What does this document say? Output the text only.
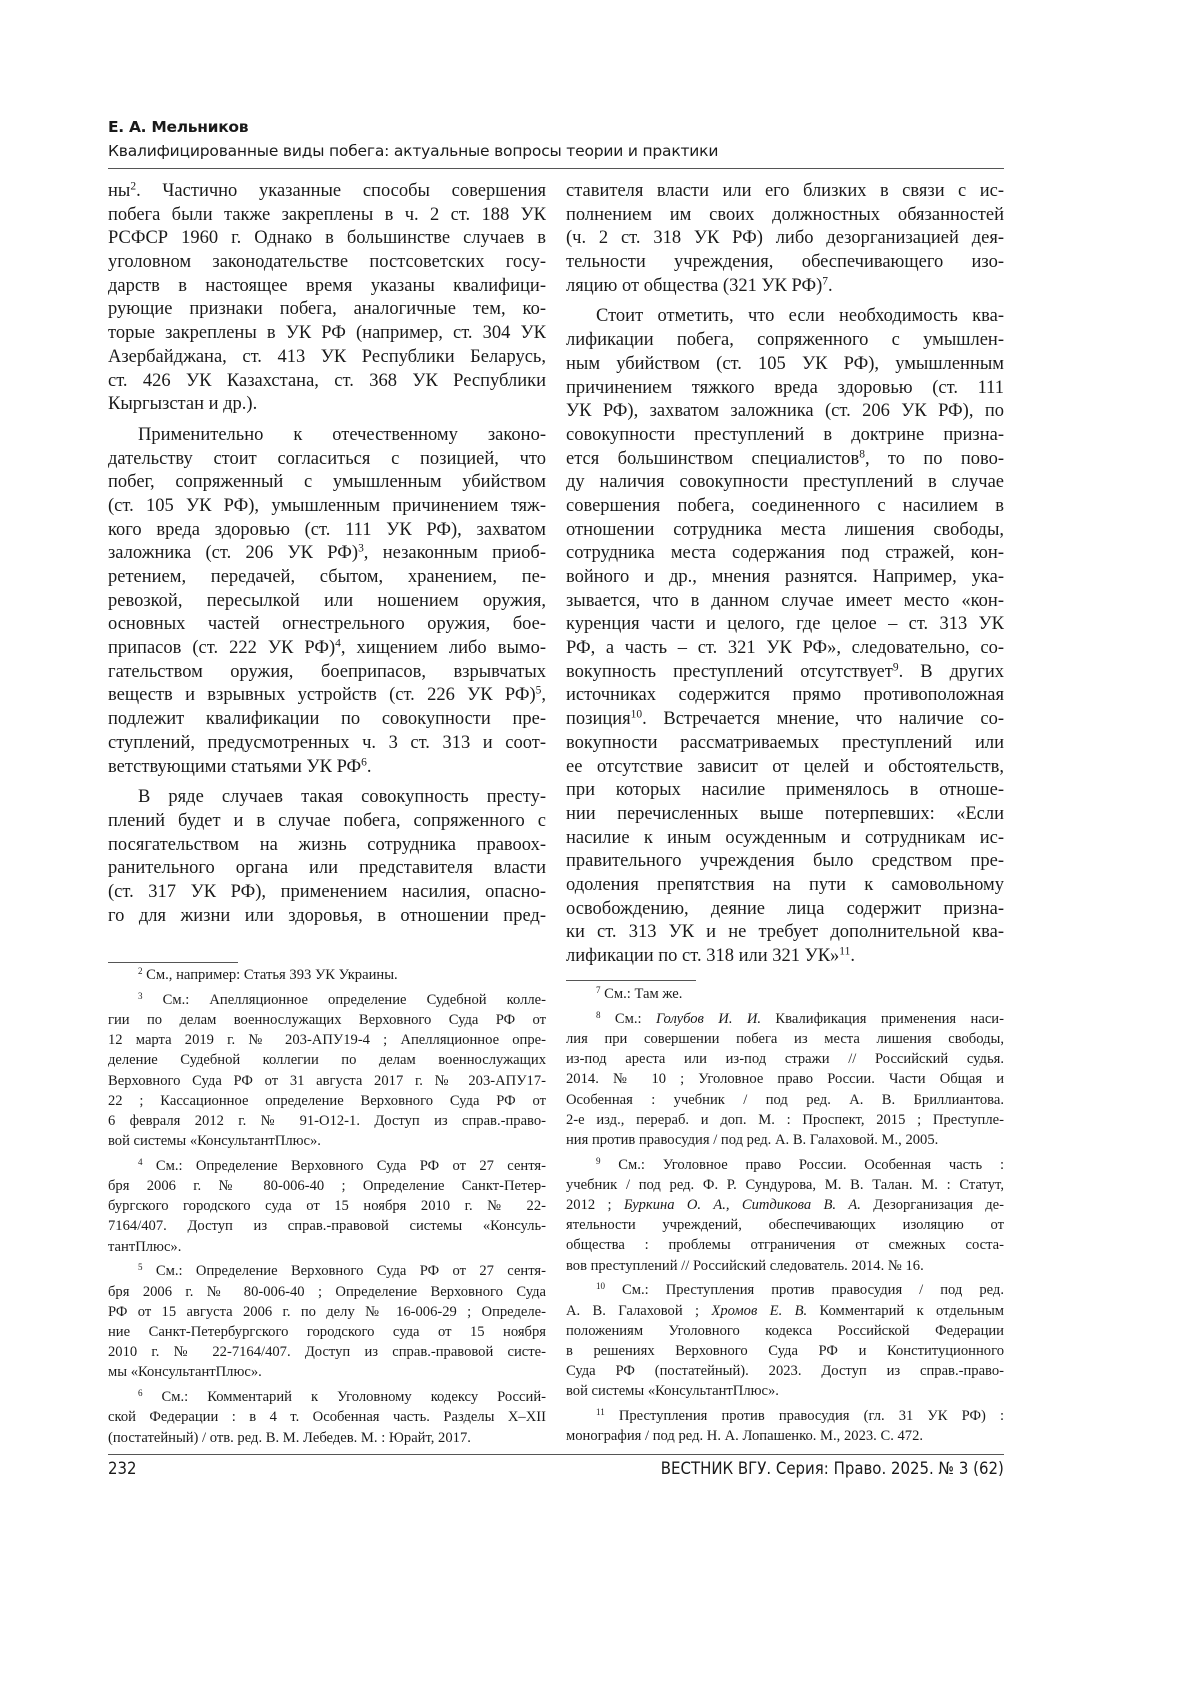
Е. А. Мельников
Квалифицированные виды побега: актуальные вопросы теории и практики
ны2. Частично указанные способы совершения
побега были также закреплены в ч. 2 ст. 188 УК
РСФСР 1960 г. Однако в большинстве случаев в
уголовном законодательстве постсоветских госу-
дарств в настоящее время указаны квалифици-
рующие признаки побега, аналогичные тем, ко-
торые закреплены в УК РФ (например, ст. 304 УК
Азербайджана, ст. 413 УК Республики Беларусь,
ст. 426 УК Казахстана, ст. 368 УК Республики
Кыргызстан и др.).
Применительно к отечественному законо-
дательству стоит согласиться с позицией, что
побег, сопряженный с умышленным убийством
(ст. 105 УК РФ), умышленным причинением тяж-
кого вреда здоровью (ст. 111 УК РФ), захватом
заложника (ст. 206 УК РФ)3, незаконным приоб-
ретением, передачей, сбытом, хранением, пе-
ревозкой, пересылкой или ношением оружия,
основных частей огнестрельного оружия, бое-
припасов (ст. 222 УК РФ)4, хищением либо вымо-
гательством оружия, боеприпасов, взрывчатых
веществ и взрывных устройств (ст. 226 УК РФ)5,
подлежит квалификации по совокупности пре-
ступлений, предусмотренных ч. 3 ст. 313 и соот-
ветствующими статьями УК РФ6.
В ряде случаев такая совокупность престу-
плений будет и в случае побега, сопряженного с
посягательством на жизнь сотрудника правоох-
ранительного органа или представителя власти
(ст. 317 УК РФ), применением насилия, опасно-
го для жизни или здоровья, в отношении пред-
ставителя власти или его близких в связи с ис-
полнением им своих должностных обязанностей
(ч. 2 ст. 318 УК РФ) либо дезорганизацией дея-
тельности учреждения, обеспечивающего изо-
ляцию от общества (321 УК РФ)7.
Стоит отметить, что если необходимость ква-
лификации побега, сопряженного с умышлен-
ным убийством (ст. 105 УК РФ), умышленным
причинением тяжкого вреда здоровью (ст. 111
УК РФ), захватом заложника (ст. 206 УК РФ), по
совокупности преступлений в доктрине призна-
ется большинством специалистов8, то по пово-
ду наличия совокупности преступлений в случае
совершения побега, соединенного с насилием в
отношении сотрудника места лишения свободы,
сотрудника места содержания под стражей, кон-
войного и др., мнения разнятся. Например, ука-
зывается, что в данном случае имеет место «кон-
куренция части и целого, где целое – ст. 313 УК
РФ, а часть – ст. 321 УК РФ», следовательно, со-
вокупность преступлений отсутствует9. В других
источниках содержится прямо противоположная
позиция10. Встречается мнение, что наличие со-
вокупности рассматриваемых преступлений или
ее отсутствие зависит от целей и обстоятельств,
при которых насилие применялось в отноше-
нии перечисленных выше потерпевших: «Если
насилие к иным осужденным и сотрудникам ис-
правительного учреждения было средством пре-
одоления препятствия на пути к самовольному
освобождению, деяние лица содержит призна-
ки ст. 313 УК и не требует дополнительной ква-
лификации по ст. 318 или 321 УК»11.
2 См., например: Статья 393 УК Украины.
3 См.: Апелляционное определение Судебной колле-
гии по делам военнослужащих Верховного Суда РФ от
12 марта 2019 г. № 203-АПУ19-4 ; Апелляционное опре-
деление Судебной коллегии по делам военнослужащих
Верховного Суда РФ от 31 августа 2017 г. № 203-АПУ17-
22 ; Кассационное определение Верховного Суда РФ от
6 февраля 2012 г. № 91-О12-1. Доступ из справ.-право-
вой системы «КонсультантПлюс».
4 См.: Определение Верховного Суда РФ от 27 сентя-
бря 2006 г. № 80-006-40 ; Определение Санкт-Петер-
бургского городского суда от 15 ноября 2010 г. № 22-
7164/407. Доступ из справ.-правовой системы «Консуль-
тантПлюс».
5 См.: Определение Верховного Суда РФ от 27 сентя-
бря 2006 г. № 80-006-40 ; Определение Верховного Суда
РФ от 15 августа 2006 г. по делу № 16-006-29 ; Определе-
ние Санкт-Петербургского городского суда от 15 ноября
2010 г. № 22-7164/407. Доступ из справ.-правовой систе-
мы «КонсультантПлюс».
6 См.: Комментарий к Уголовному кодексу Россий-
ской Федерации : в 4 т. Особенная часть. Разделы X–XII
(постатейный) / отв. ред. В. М. Лебедев. М. : Юрайт, 2017.
7 См.: Там же.
8 См.: Голубов И. И. Квалификация применения наси-
лия при совершении побега из места лишения свободы,
из-под ареста или из-под стражи // Российский судья.
2014. № 10 ; Уголовное право России. Части Общая и
Особенная : учебник / под ред. А. В. Бриллиантова.
2-е изд., перераб. и доп. М. : Проспект, 2015 ; Преступле-
ния против правосудия / под ред. А. В. Галаховой. М., 2005.
9 См.: Уголовное право России. Особенная часть :
учебник / под ред. Ф. Р. Сундурова, М. В. Талан. М. : Статут,
2012 ; Буркина О. А., Ситдикова В. А. Дезорганизация де-
ятельности учреждений, обеспечивающих изоляцию от
общества : проблемы отграничения от смежных соста-
вов преступлений // Российский следователь. 2014. № 16.
10 См.: Преступления против правосудия / под ред.
А. В. Галаховой ; Хромов Е. В. Комментарий к отдельным
положениям Уголовного кодекса Российской Федерации
в решениях Верховного Суда РФ и Конституционного
Суда РФ (постатейный). 2023. Доступ из справ.-право-
вой системы «КонсультантПлюс».
11 Преступления против правосудия (гл. 31 УК РФ) :
монография / под ред. Н. А. Лопашенко. М., 2023. С. 472.
232	ВЕСТНИК ВГУ. Серия: Право. 2025. № 3 (62)
